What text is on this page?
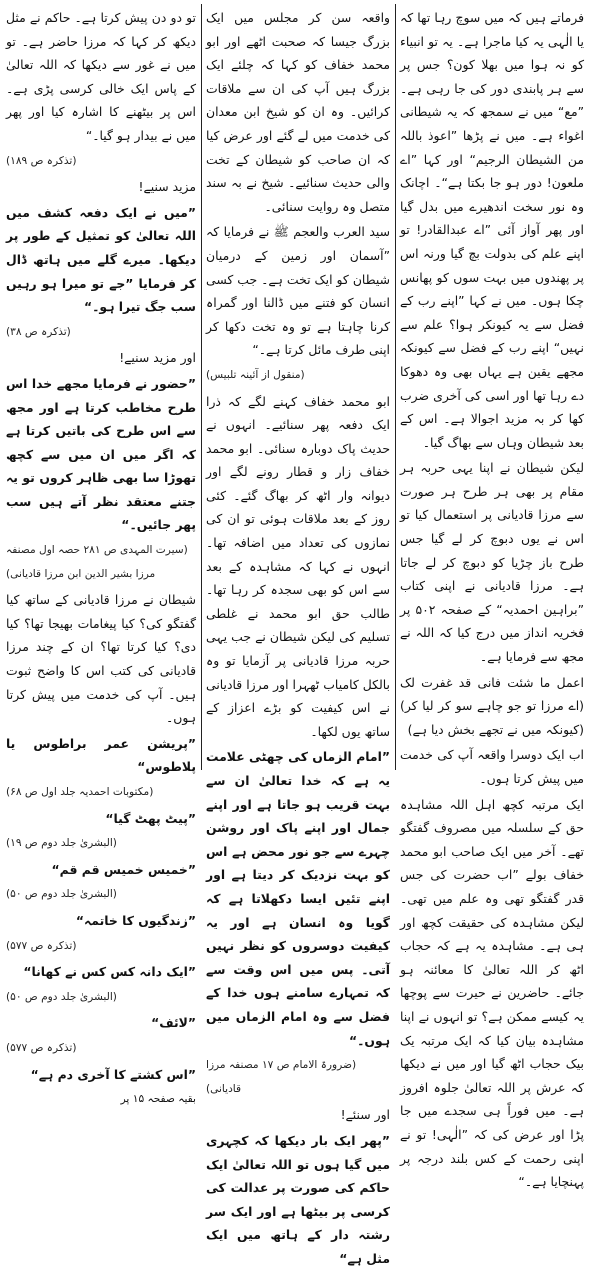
فرماتے ہیں کہ میں سوچ رہا تھا کہ یا الٰہی یہ کیا ماجرا ہے۔ یہ تو انبیاء کو نہ ہوا میں بھلا کون؟ جس پر سے ہر پابندی دور کی جا رہی ہے۔ ”مع“ میں نے سمجھ کہ یہ شیطانی اغواء ہے۔ میں نے پڑھا ”اعوذ باللہ من الشیطان الرجیم“ اور کہا ”اے ملعون! دور ہو جا بکتا ہے“۔ اچانک وہ نور سخت اندھیرے میں بدل گیا اور پھر آواز آئی ”اے عبدالقادر! تو اپنے علم کی بدولت بچ گیا ورنہ اس پر پھندوں میں بہت سوں کو پھانس چکا ہوں۔ میں نے کہا ”اپنے رب کے فضل سے یہ کیونکر ہوا؟ علم سے نہیں“ اپنے رب کے فضل سے کیونکہ مجھے یقین ہے یہاں بھی وہ دھوکا دے رہا تھا اور اسی کی آخری ضرب کھا کر بہ مزید اجوالا ہے۔ اس کے بعد شیطان وہاں سے بھاگ گیا۔

لیکن شیطان نے اپنا یہی حربہ ہر مقام پر بھی ہر طرح ہر صورت سے مرزا قادیانی پر استعمال کیا تو اس نے یوں دبوچ کر لے گیا جس طرح باز چڑیا کو دبوچ کر لے جاتا ہے۔ مرزا قادیانی نے اپنی کتاب ”براہین احمدیہ“ کے صفحہ ۵۰۲ پر فخریہ انداز میں درج کیا کہ اللہ نے مجھ سے فرمایا ہے۔

اعمل ما شئت فانی قد غفرت لک (اے مرزا تو جو چاہے سو کر لیا کر) (کیونکہ میں نے تجھے بخش دیا ہے)

اب ایک دوسرا واقعہ آپ کی خدمت میں پیش کرتا ہوں۔

ایک مرتبہ کچھ اہل اللہ مشاہدہ حق کے سلسلہ میں مصروف گفتگو تھے۔ آخر میں ایک صاحب ابو محمد خفاف بولے ”اب حضرت کی جس قدر گفتگو تھی وہ علم میں تھی۔ لیکن مشاہدہ کی حقیقت کچھ اور ہی ہے۔ مشاہدہ یہ ہے کہ حجاب اٹھ کر اللہ تعالیٰ کا معائنہ ہو جائے۔ حاضرین نے حیرت سے پوچھا یہ کیسے ممکن ہے؟ تو انہوں نے اپنا مشاہدہ بیان کیا کہ ایک مرتبہ یک بیک حجاب اٹھ گیا اور میں نے دیکھا کہ عرش پر اللہ تعالیٰ جلوہ افروز ہے۔ میں فوراً ہی سجدے میں جا پڑا اور عرض کی کہ ”الٰہی! تو نے اپنی رحمت کے کس بلند درجہ پر پہنچایا ہے۔“

واقعہ سن کر مجلس میں ایک بزرگ جیسا کہ صحبت اٹھے اور ابو محمد خفاف کو کہا کہ چلئے ایک بزرگ ہیں آپ کی ان سے ملاقات کرائیں۔ وہ ان کو شیخ ابن معدان کی خدمت میں لے گئے اور عرض کیا کہ ان صاحب کو شیطان کے تخت والی حدیث سنائیے۔ شیخ نے بہ سند متصل وہ روایت سنائی۔

سید العرب والعجم ﷺ نے فرمایا کہ ”آسمان اور زمین کے درمیان شیطان کو ایک تخت ہے۔ جب کسی انسان کو فتنے میں ڈالنا اور گمراہ کرنا چاہتا ہے تو وہ تخت دکھا کر اپنی طرف مائل کرتا ہے۔“

(منقول از آئینہ تلبیس)

ابو محمد خفاف کہنے لگے کہ ذرا ایک دفعہ پھر سنائیے۔ انہوں نے حدیث پاک دوبارہ سنائی۔ ابو محمد خفاف زار و قطار رونے لگے اور دیوانہ وار اٹھ کر بھاگ گئے۔ کئی روز کے بعد ملاقات ہوئی تو ان کی نمازوں کی تعداد میں اضافہ تھا۔ انہوں نے کہا کہ مشاہدہ کے بعد سے اس کو بھی سجدہ کر رہا تھا۔ طالب حق ابو محمد نے غلطی تسلیم کی لیکن شیطان نے جب یہی حربہ مرزا قادیانی پر آزمایا تو وہ بالکل کامیاب ٹھہرا اور مرزا قادیانی نے اس کیفیت کو بڑے اعزاز کے ساتھ یوں لکھا۔

”امام الزماں کی چھٹی علامت یہ ہے کہ خدا تعالیٰ ان سے بہت قریب ہو جاتا ہے اور اپنے جمال اور اپنے پاک اور روشن چہرے سے جو نور محض ہے اس کو بہت نزدیک کر دیتا ہے اور اپنے تئیں ایسا دکھلاتا ہے کہ گویا وہ انسان ہے اور یہ کیفیت دوسروں کو نظر نہیں آتی۔ پس میں اس وقت سے کہ تمہارے سامنے ہوں خدا کے فضل سے وہ امام الزماں میں ہوں۔“

(ضرورۃ الامام ص ۱۷ مصنفہ مرزا قادیانی)

اور سنئے!

”پھر ایک بار دیکھا کہ کچہری میں گیا ہوں تو اللہ تعالیٰ ایک حاکم کی صورت پر عدالت کی کرسی پر بیٹھا ہے اور ایک سر رشتہ دار کے ہاتھ میں ایک مثل ہے“

تو دو دن پیش کرتا ہے۔ حاکم نے مثل دیکھ کر کہا کہ مرزا حاضر ہے۔ تو میں نے غور سے دیکھا کہ اللہ تعالیٰ کے پاس ایک خالی کرسی پڑی ہے۔ اس پر بیٹھنے کا اشارہ کیا اور پھر میں نے بیدار ہو گیا۔“

(تذکرہ ص ۱۸۹)

مزید سنیے!

”میں نے ایک دفعہ کشف میں اللہ تعالیٰ کو تمثیل کے طور پر دیکھا۔ میرے گلے میں ہاتھ ڈال کر فرمایا ”جے تو میرا ہو رہیں سب جگ تیرا ہو۔“

(تذکرہ ص ۳۸)

اور مزید سنیے!

”حضور نے فرمایا مجھے خدا اس طرح مخاطب کرتا ہے اور مجھ سے اس طرح کی باتیں کرتا ہے کہ اگر میں ان میں سے کچھ تھوڑا سا بھی ظاہر کروں تو یہ جتنے معتقد نظر آتے ہیں سب پھر جائیں۔“

(سیرت المہدی ص ۲۸۱ حصہ اول مصنفہ مرزا بشیر الدین ابن مرزا قادیانی)

شیطان نے مرزا قادیانی کے ساتھ کیا گفتگو کی؟ کیا پیغامات بھیجا تھا؟ کیا دی؟ کیا کرتا تھا؟ ان کے چند مرزا قادیانی کی کتب اس کا واضح ثبوت ہیں۔ آپ کی خدمت میں پیش کرتا ہوں۔

”پریشن عمر براطوس یا پلاطوس“

(مکتوبات احمدیہ جلد اول ص ۶۸)

”پیٹ پھٹ گیا“

(البشریٰ جلد دوم ص ۱۹)

”خمیس خمیس قم قم“

(البشریٰ جلد دوم ص ۵۰)

”زندگیوں کا خاتمہ“

(تذکرہ ص ۵۷۷)

”ایک دانہ کس کس نے کھانا“

(البشریٰ جلد دوم ص ۵۰)

”لائف“

(تذکرہ ص ۵۷۷)

”اس کشتے کا آخری دم ہے“

بقیہ صفحہ ۱۵ پر
